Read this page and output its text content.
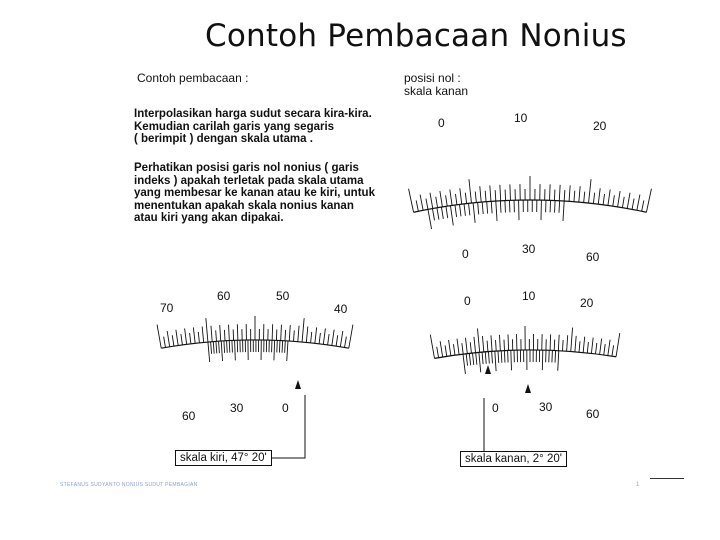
Contoh Pembacaan Nonius
Contoh pembacaan :
Interpolasikan harga sudut secara kira-kira.
Kemudian carilah garis yang segaris
( berimpit ) dengan skala utama .
Perhatikan posisi garis nol nonius ( garis
indeks ) apakah terletak pada skala utama
yang membesar ke kanan atau ke kiri, untuk
menentukan apakah skala nonius kanan
atau kiri yang akan dipakai.
posisi nol :
skala kanan
0	10
20
0	30
60
70
60	50
40
60
30	0
0	10	20
0	30	60
skala kiri, 47° 20'	skala kanan, 2° 20'
STEFANUS SUDYANTO NONIUS SUDUT PEMBAGIAN	1
